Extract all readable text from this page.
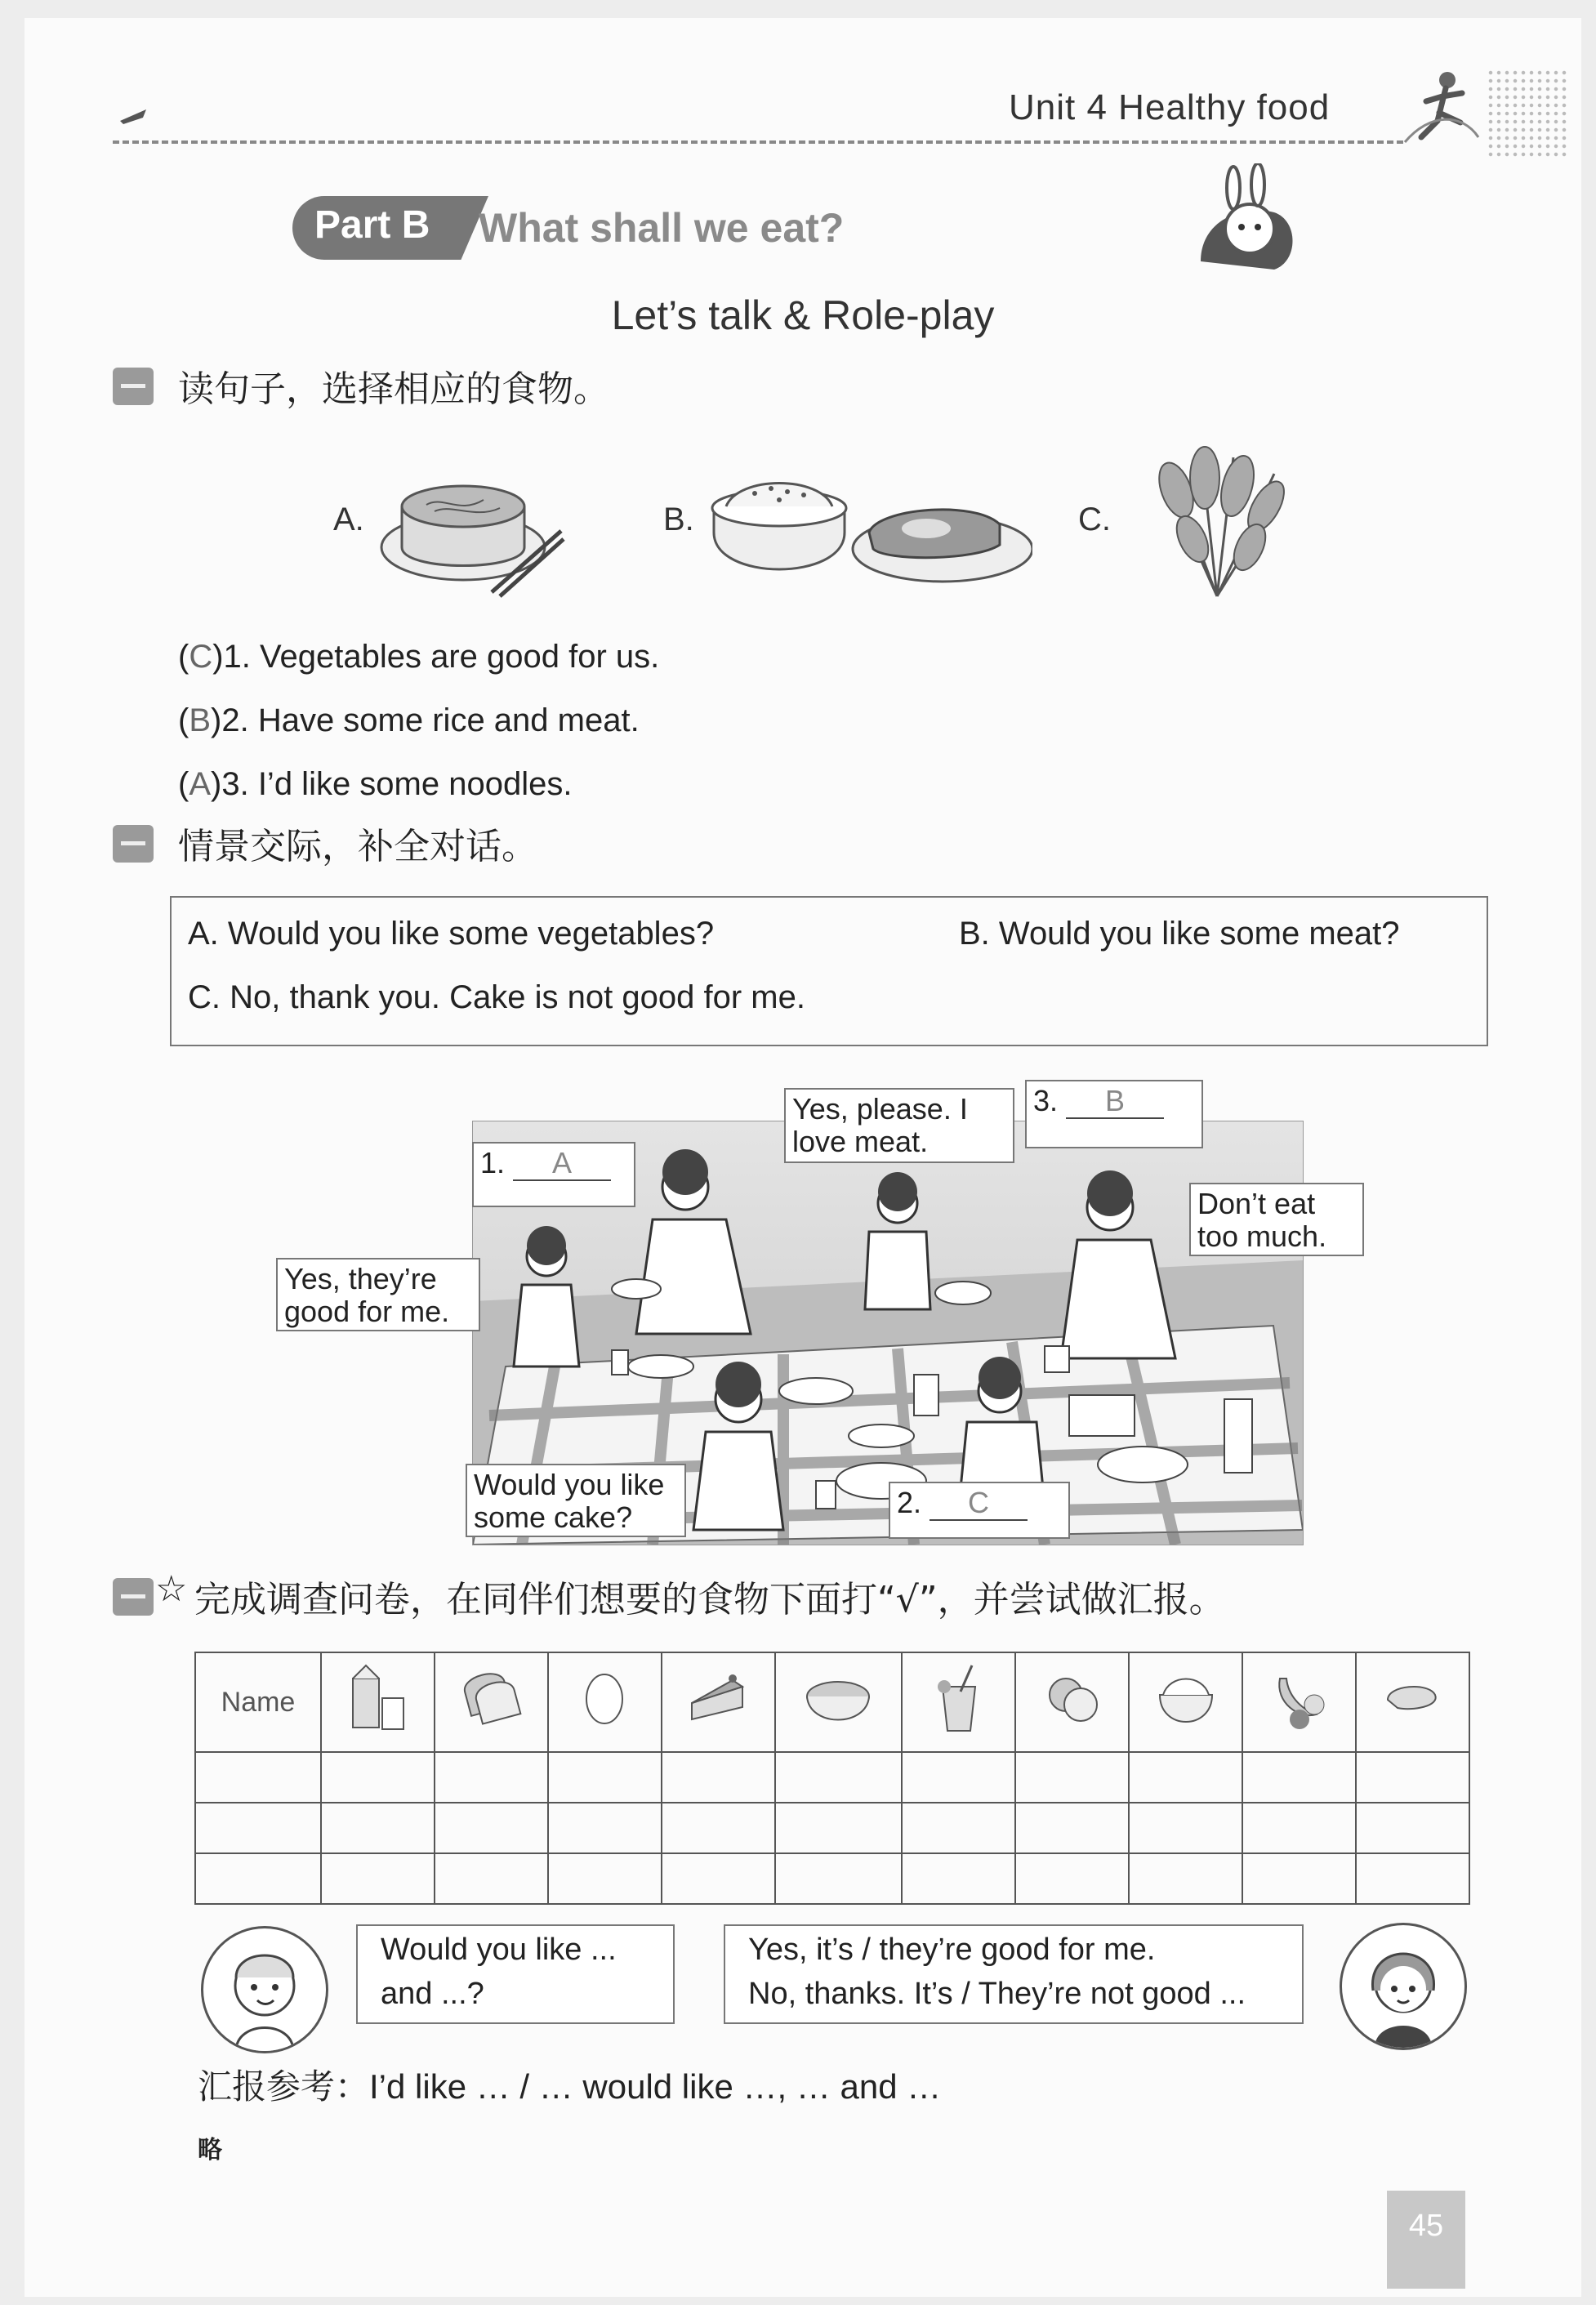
Unit 4 Healthy food
Part B What shall we eat?
Let’s talk & Role-play
读句子，选择相应的食物。
A.	B.	C.
(C)1. Vegetables are good for us.
(B)2. Have some rice and meat.
(A)3. I’d like some noodles.
情景交际，补全对话。
A. Would you like some vegetables?	B. Would you like some meat?
C. No, thank you. Cake is not good for me.
1. A
Yes, please. I love meat.
3. B
Don’t eat too much.
Yes, they’re good for me.
Would you like some cake?	2. C
☆ 完成调查问卷，在同伴们想要的食物下面打“√”，并尝试做汇报。
Name										

Would you like ... and ...?
Yes, it’s / they’re good for me.
No, thanks. It’s / They’re not good ...
汇报参考：I’d like … / … would like …, … and …
略
45
